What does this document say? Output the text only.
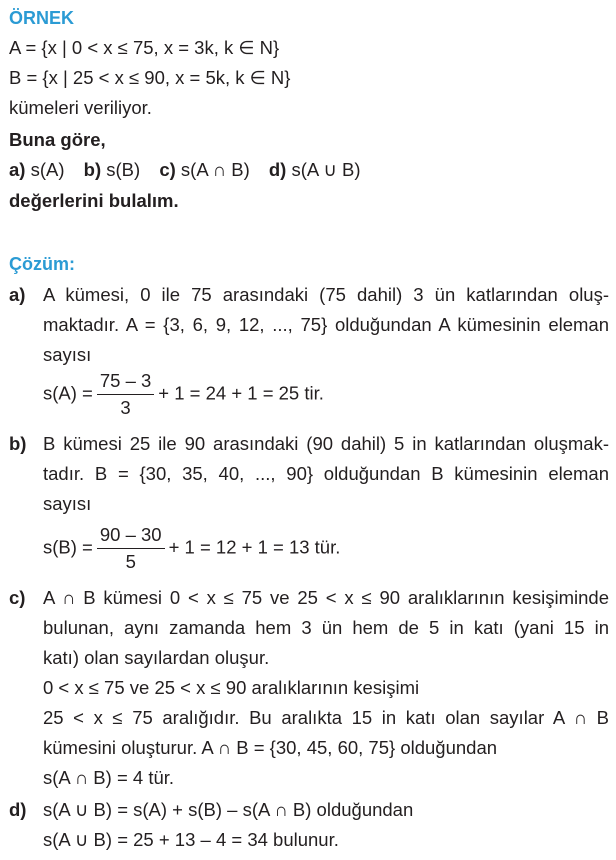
ÖRNEK
A = {x | 0 < x ≤ 75, x = 3k, k ∈ N}
B = {x | 25 < x ≤ 90, x = 5k, k ∈ N}
kümeleri veriliyor.
Buna göre,
a) s(A) b) s(B) c) s(A ∩ B) d) s(A ∪ B)
değerlerini bulalım.
Çözüm:
a) A kümesi, 0 ile 75 arasındaki (75 dahil) 3 ün katlarından oluş-
maktadır. A = {3, 6, 9, 12, ..., 75} olduğundan A kümesinin eleman
sayısı
$s(A) = \frac{75 - 3}{3} + 1 = 24 + 1 = 25$ tir.
b) B kümesi 25 ile 90 arasındaki (90 dahil) 5 in katlarından oluşmak-
tadır. B = {30, 35, 40, ..., 90} olduğundan B kümesinin eleman
sayısı
$s(B) = \frac{90 - 30}{5} + 1 = 12 + 1 = 13$ tür.
c) A ∩ B kümesi 0 < x ≤ 75 ve 25 < x ≤ 90 aralıklarının kesişiminde
bulunan, aynı zamanda hem 3 ün hem de 5 in katı (yani 15 in
katı) olan sayılardan oluşur.
0 < x ≤ 75 ve 25 < x ≤ 90 aralıklarının kesişimi
25 < x ≤ 75 aralığıdır. Bu aralıkta 15 in katı olan sayılar A ∩ B
kümesini oluşturur. A ∩ B = {30, 45, 60, 75} olduğundan
s(A ∩ B) = 4 tür.
d) s(A ∪ B) = s(A) + s(B) – s(A ∩ B) olduğundan
s(A ∪ B) = 25 + 13 – 4 = 34 bulunur.
